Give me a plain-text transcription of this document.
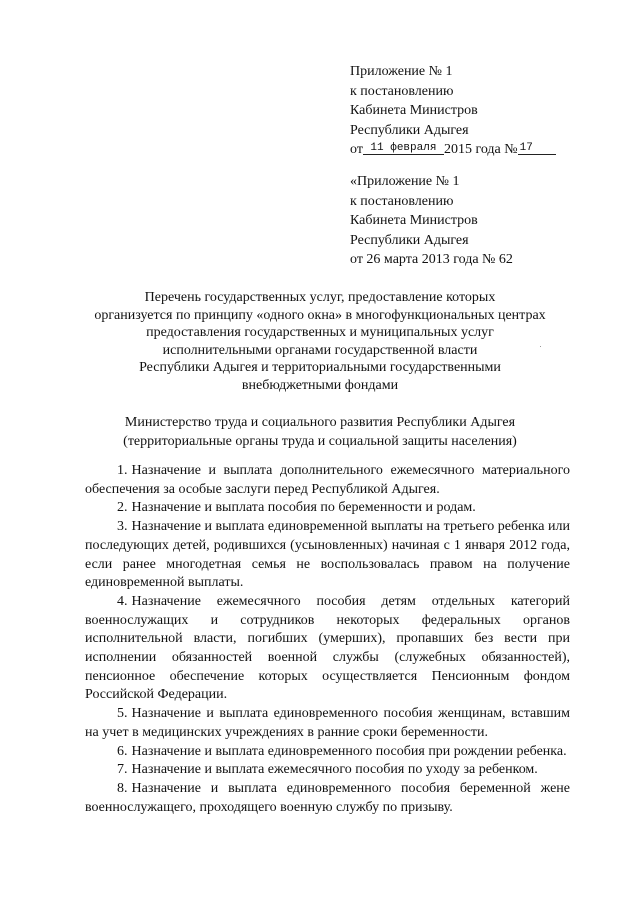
Приложение № 1
к постановлению
Кабинета Министров
Республики Адыгея
от 11 февраля 2015 года № 17
«Приложение № 1
к постановлению
Кабинета Министров
Республики Адыгея
от 26 марта 2013 года № 62
Перечень государственных услуг, предоставление которых
организуется по принципу «одного окна» в многофункциональных центрах
предоставления государственных и муниципальных услуг
исполнительными органами государственной власти
Республики Адыгея и территориальными государственными
внебюджетными фондами
Министерство труда и социального развития Республики Адыгея
(территориальные органы труда и социальной защиты населения)

1. Назначение и выплата дополнительного ежемесячного материального обеспечения за особые заслуги перед Республикой Адыгея.

2. Назначение и выплата пособия по беременности и родам.

3. Назначение и выплата единовременной выплаты на третьего ребенка или последующих детей, родившихся (усыновленных) начиная с 1 января 2012 года, если ранее многодетная семья не воспользовалась правом на получение единовременной выплаты.

4. Назначение ежемесячного пособия детям отдельных категорий военнослужащих и сотрудников некоторых федеральных органов исполнительной власти, погибших (умерших), пропавших без вести при исполнении обязанностей военной службы (служебных обязанностей), пенсионное обеспечение которых осуществляется Пенсионным фондом Российской Федерации.

5. Назначение и выплата единовременного пособия женщинам, вставшим на учет в медицинских учреждениях в ранние сроки беременности.

6. Назначение и выплата единовременного пособия при рождении ребенка.

7. Назначение и выплата ежемесячного пособия по уходу за ребенком.

8. Назначение и выплата единовременного пособия беременной жене военнослужащего, проходящего военную службу по призыву.
